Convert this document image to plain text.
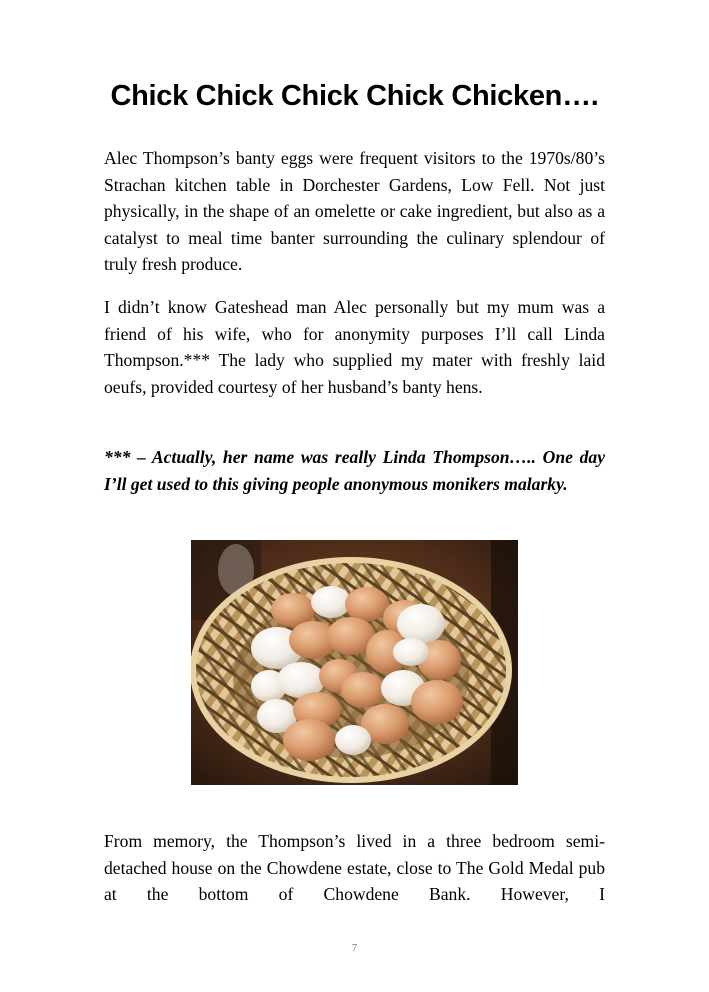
Chick Chick Chick Chick Chicken….

Alec Thompson’s banty eggs were frequent visitors to the 1970s/80’s Strachan kitchen table in Dorchester Gardens, Low Fell. Not just physically, in the shape of an omelette or cake ingredient, but also as a catalyst to meal time banter surrounding the culinary splendour of truly fresh produce.

I didn’t know Gateshead man Alec personally but my mum was a friend of his wife, who for anonymity purposes I’ll call Linda Thompson.*** The lady who supplied my mater with freshly laid oeufs, provided courtesy of her husband’s banty hens.

*** – Actually, her name was really Linda Thompson….. One day I’ll get used to this giving people anonymous monikers malarky.

From memory, the Thompson’s lived in a three bedroom semi-detached house on the Chowdene estate, close to The Gold Medal pub at the bottom of Chowdene Bank. However, I

7
